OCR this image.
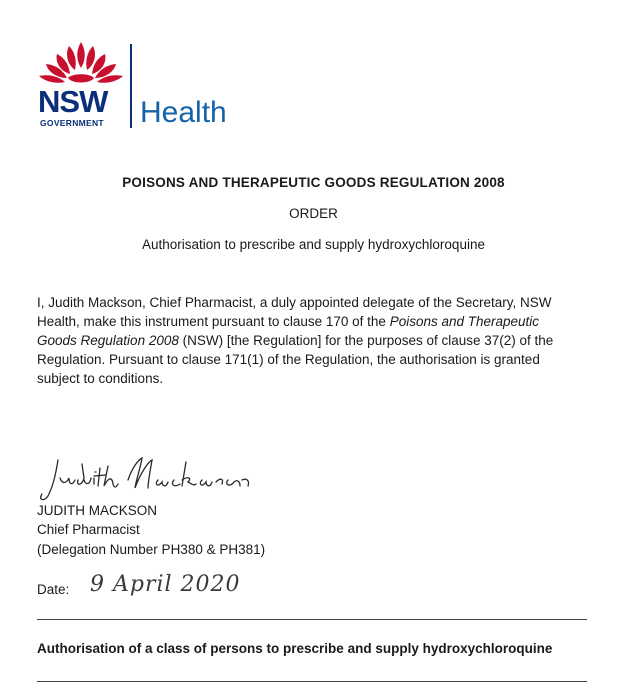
NSW
GOVERNMENT Health
POISONS AND THERAPEUTIC GOODS REGULATION 2008
ORDER
Authorisation to prescribe and supply hydroxychloroquine
I, Judith Mackson, Chief Pharmacist, a duly appointed delegate of the Secretary, NSW Health, make this instrument pursuant to clause 170 of the Poisons and Therapeutic Goods Regulation 2008 (NSW) [the Regulation] for the purposes of clause 37(2) of the Regulation. Pursuant to clause 171(1) of the Regulation, the authorisation is granted subject to conditions.
JUDITH MACKSON
Chief Pharmacist
(Delegation Number PH380 & PH381)
Date: 9 April 2020
Authorisation of a class of persons to prescribe and supply hydroxychloroquine
